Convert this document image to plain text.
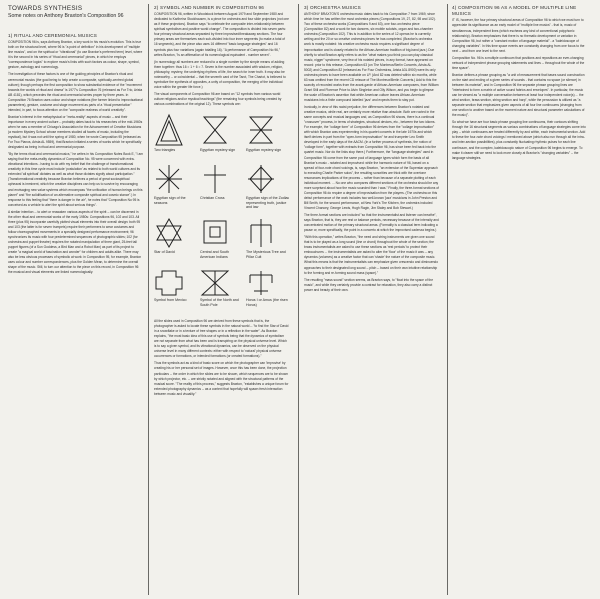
TOWARDS SYNTHESIS
Some notes on Anthony Braxton's Composition 96
1) RITUAL AND CEREMONIAL MUSICS

COMPOSITION 96 is, says Anthony Braxton, a key work in his music's evolution. This is true both on the structural level, where 96 is "a point of definition" in his development of "multiple line musics", and on the spiritual or "vibrational" (to use Braxton's preferred term) level, where it is the second in his series of "ritual and ceremonial" pieces, in which he employs "correspondence logics" to explore music's links with such factors as colour, shape, symbol, gesture, astrology and numerology.

The investigation of these factors is one of the guiding principles of Braxton's ritual and ceremonial musics (the goal being to help create a composite, spiritually-centred global culture); though perhaps the first composition to show substantial evidence of the "movement towards the worlds of ritual and drama" is 1977's Composition 76 (released as For Trio, Arista AB 4181), which precedes the ritual and ceremonial series proper by three years. In Composition 76 Braxton uses colour and shape notations (the former linked to improvisational parameters), gesture, costume and stage movement as parts of a "ritual presentation" intended, in part, to focus attention on the "composite realness of world creativity".

Braxton's interest in the metaphysical or "meta-reality" aspects of music -- and their importance in every ancient culture -- probably dates back to his researches of the mid-1960s when he was a member of Chicago's Association for the Advancement of Creative Musicians (a modern Mystery School whose members studied all facets of music, including the mystical), but it was not until the spring of 1980, when he wrote Composition 95 (released as For Two Pianos, Arista AL 9559), that Braxton initiated a series of works which he specifically designated as being in ritual and ceremonial purpose.

"By the terms ritual and ceremonial musics," he writes in his Composition Notes Book E, "I am saying that the meta-reality dynamics of Composition No. 95 were concerned with extra-vibrational intentions - having to do with my belief that the challenge of transformational creativity in this time cycle must include 'postulation' as related to both world cultures and its extended 'all spiritual' dictates as well as what those dictates signify about participation." (Transformational creativity because Braxton believes a period of great sociospiritual upheaval is imminent, which the creative disciplines can help us to survive by encouraging and envisaging new value systems which encompass "the unification of human beings on this planet" and "the solidification of an alternative composite spiritual and cosmic stance".) In response to this feeling that "there is danger in the air", he notes that "Composition No 95 is conceived as a vehicle to alert the spirit about serious things".

A similar intention -- to alert or reawaken various aspects of the spirit -- can be discerned in the other ritual and ceremonial works of the early 1980s: Compositions 96, 102 and 103. All three (plus 95) incorporate carefully plotted visual elements into their overall design: both 95 and 103 (the latter is for seven trumpets) require their performers to wear costumes and follow choreographed movements in a specially designed performance environment; 96 synchronizes its music with four predetermined sequences of photographic slides; 102 (for orchestra and puppet theatre) requires the notated manipulation of three giant, 25-feet tall puppet figures (of a Sun Goddess, a Bird Man and a Robot Man) as part of its project to create "a magical world of fascination and wonder" for children and adults alike. There may also be less obvious processes of symbolic at work: in Composition 95, for example, Braxton uses colour and number correspondences, plus the Golden Mean, to determine the overall shape of the music. Still, to turn our attention to the piece on this record, in Composition 96 the musical and visual elements are linked numerologically.

2) SYMBOL AND NUMBER IN COMPOSITION 96

COMPOSITION 96, written in Woodstock between August 1979 and September 1980 and dedicated to Karlheinz Stockhausen, is a piece for orchestra and four slide projectors (not one as if these projectors). Braxton says "to celebrate the composite inter-relationship between spiritual symbolism and positive world change". The composition is divided into seven parts: four primary structural areas separated by three improvised/breakaway sections. The four primary areas are themselves each sub-divided into four inner segments (to make a total of 16 segments), and the piece also uses 16 different "basic language strategies" and 16 symbols plus four variations (again totalling 16). "A performance of Composition No 96," writes Braxton, "is an affirmation of its numerological equivalent - number seven".

(In numerology all numbers are reduced to a single number by the simple means of adding them together: thus 16 = 1 + 6 = 7. Seven is the number associated with wisdom, religion, philosophy, mystery, the underlying rhythms of life, the search for inner truth. It may also be noteworthy -- or coincidental -- that the seventh card of the Tarot, The Chariot, is believed to symbolize the synthesis of opposites, a unity of composition, the merging of the individual voice within the greater life force.)

The visual components of Composition 96 are based on "12 symbols from various world culture religions and/or mystical teachings" (the remaining four symbols being created by various combinations of the original 12). These symbols are:

Two triangles	Egyptian mystery sign	Egyptian mystery sign
Egyptian sign of the seasons
Christian Cross	Egyptian sign of the Zodiac representing truth, justice and law
Star of David	Central and South American Indians
The Mysterious Tree and Pillar Cult
Symbol from Mexico	Symbol of the North and South Pole
Horus I or Amus (the risen Horus)

All the slides used in Composition 96 are derived from these symbols that is, the photographer is asked to locate these symbols in the natural world -- "to find the Star of David in a snowflake or in a texture of tree shapes or in a reflection in the water". As Braxton explains, "the most basic idea of this use of symbols being that the dynamics of symbolism are not separate from what has been and is transpiring on the physical universe level. Which is to say a given symbol, and its vibrational dynamics, can be observed on the physical universe level in many different contexts: either with respect to 'natural' physical universe occurrences or formations, or intended formations (or created formations)."

Thus the symbols act as a kind of basic score on which the photographer can 'improvise' by creating his or her personal set of images. However, once this has been done, the projection particulars -- the order in which the slides are to be shown, which sequences are to be shown by which projector, etc. -- are strictly notated and aligned with the structural patterns of the musical score. "The reality of this process," suggests Braxton, "establishes a unique forum for extended photography dynamics -- as a context that hopefully will spawn fresh interaction between music and visuality."

3) ORCHESTRA MUSICS

ANTHONY BRAXTON'S orchestra music dates back to his Composition 7 from 1969, since which time he has written the most orchestra pieces (Compositions 19, 27, 82, 98 and 102). Two of these orchestra works (Compositions 9 and 63), one four-orchestra piece (Composition 82) and a work for two dancers, six mobile soloists, organ and two-chamber orchestra (Composition 102). This is in addition to the series of 12 operas he is currently writing and the 20 or so creative orchestra pieces he has completed. (Braxton's orchestra work is mostly notated: his creative orchestra music requires a significant degree of improvisation and is closely related to the African-American tradition of big-band jazz.) Due chiefly to what Braxton aptly refers to as the "what makes you think you can play classical music, nigger" syndrome, very few of his notated pieces, in any format, have appeared on record: prior to this release, Composition 63 (on The Montreux/Berlin Concerts, Arista AL 5002) and Composition 82 (released as For Four Orchestras, Arista A3L 8900) were its only orchestra pieces to have been available on LP. (And 82 was deleted within six months, while 63 was omitted from the recent CD reissue of The Montreux/Berlin Concerts.) Add to this the scarcity of recorded works from the avant-garde of African-American composers, from William Grant Still and Florence Price to Alvin Singleton and Olly Wilson, and you begin to glimpse the scale of Braxton's assertion that white American culture leaves African-American musicians into a finite compound labelled 'jazz' and expects them to stay put.

Ironically, in view of this racist prejudice, the differences between Braxton's notated and creative musics, while real, are certainly more relative than absolute. Both are rooted in the same concepts and musical languages and, as Composition 96 shows, there is a continual "crossover" process, in terms of strategies, structural devices, etc., between the two idioms. For example, the "collage form" of Composition 96 derives from the "collage improvisation" with which Braxton was experimenting in his quartet concerts in the late 1970s and which itself derives in part from the "open-form improvisation" he and trumpeter Leo Smith developed in the early days of the AACM. (In a further process of synthesis, the notion of "collage form", together with extracts from Composition 96, has since been fed back into the quartet music. Nor do the links stop there.) Furthermore, the "language strategies" used in Composition 96 come from the same pool of language types which form the basis of all Braxton's music - notated and improvised: while the harmonic nature of 96, based on a spread of four-note chord voicings, is, says Braxton, "an extension of the Superstar approach to executing Charlie Parker solos", the resulting sonorities are thick with the overtone resonances implications of the process -- rather than because of a separate plotting of each individual moment. ... No one who compares different sections of the orchestra should be any more surprised about how the music sounded than I was." Finally, the three-format sections of Composition 96 do require a degree of improvisation from the players. (The orchestra on this debut performance of the work includes two well-known 'jazz' musicians in John Preston and Bill Smith, for the second performance, at New York's The Kitchen, the orchestra included Vincent Chancey, George Lewis, Hugh Ragin, Jim Staley and Bob Stewart.)

The three-format sections are included "so that the instrumentalist and listener can breathe", says Braxton, that is, they are rest or balance periods, necessary because of the intensity and concentrated motion of the primary structural areas. (Formality is a classical term indicating a pause or, more specifically, the point in a concerto at which the improvised cadenza begins.)

"With this operation," writes Braxton, "the need and string instruments are given one sound that is to be played as a long sound (line or chord) throughout the whole of the section; the brass instrumentalists are asked to use these sections as 'rest periods' to protect their embouchures ... the instrumentalists are asked to alter the 'floor' of the music it was -- any dynamics (volumes) as a creative factor that can 'shade' the nature of the composite music. What this means is that the instrumentalists can emphasize given crescendo and diminuendo approaches to their designated long sound -- pitch -- based on their own intuitive relationship to the forming and re-forming sound mass (space)."

The resulting "mass sound" section seems, as Braxton says, to "float into the space of the music", and while they certainly provide a contrast for relaxation, they also carry a distinct power and beauty of their own.

4) COMPOSITION 96 AS A MODEL OF MULTIPLE LINE MUSICS

IT IS, however, the four primary structural areas of Composition 96 to which we must turn to appreciate its significance as an early model of "multiple line musics" - that is, music of simultaneous, independent lines (which eschews any kind of conventional polyphonic relationship). Braxton emphasizes that there is no thematic development or variation in Composition 96, but rather a "constant motion of language material" - a "kaleidoscope of changing variables". In this time space events are constantly changing from one focus to the next -- and from one level to the next.

Composition No. 96 is a multiple continuum that positions and repositions an ever-changing network of independent phrase grouping statements and lines -- throughout the whole of the time space".

Braxton defines a phrase grouping as "a unit of measurement that bases sound construction on the start and ending of a given series of sounds - that contains no space (or silence) in between its material", and in Composition 96 the separate phrase grouping lines are "intertwined to form a matrix of active sound fabrics and envelopes". In particular, the music can be viewed as "a multiple conversation between at least four independent voice(s) ... the wind section, brass section, string section and harp", while the percussion is utilized as "a separate section that emphasizes given aspects of all four line continuums (changing from one section to another based on the moment nature and structural parameter calculations of the music)".

So what we have are four basic phrase grouping line continuums, their contours shifting through the 16 structural segments as various combinations of language strategies come into play -- which continuums are treated differently by and within, each instrumental section. Add to these the four-note chord voicings I mentioned above (which also run through all the intra- and inter-section possibilities), plus constantly fluctuating rhythmic pulses for each line continuum, and the complex, kaleidoscopic nature of Composition 96 begins to emerge. To make it clearer still we need to look more closely at Braxton's "changing variables" -- the language strategies.
